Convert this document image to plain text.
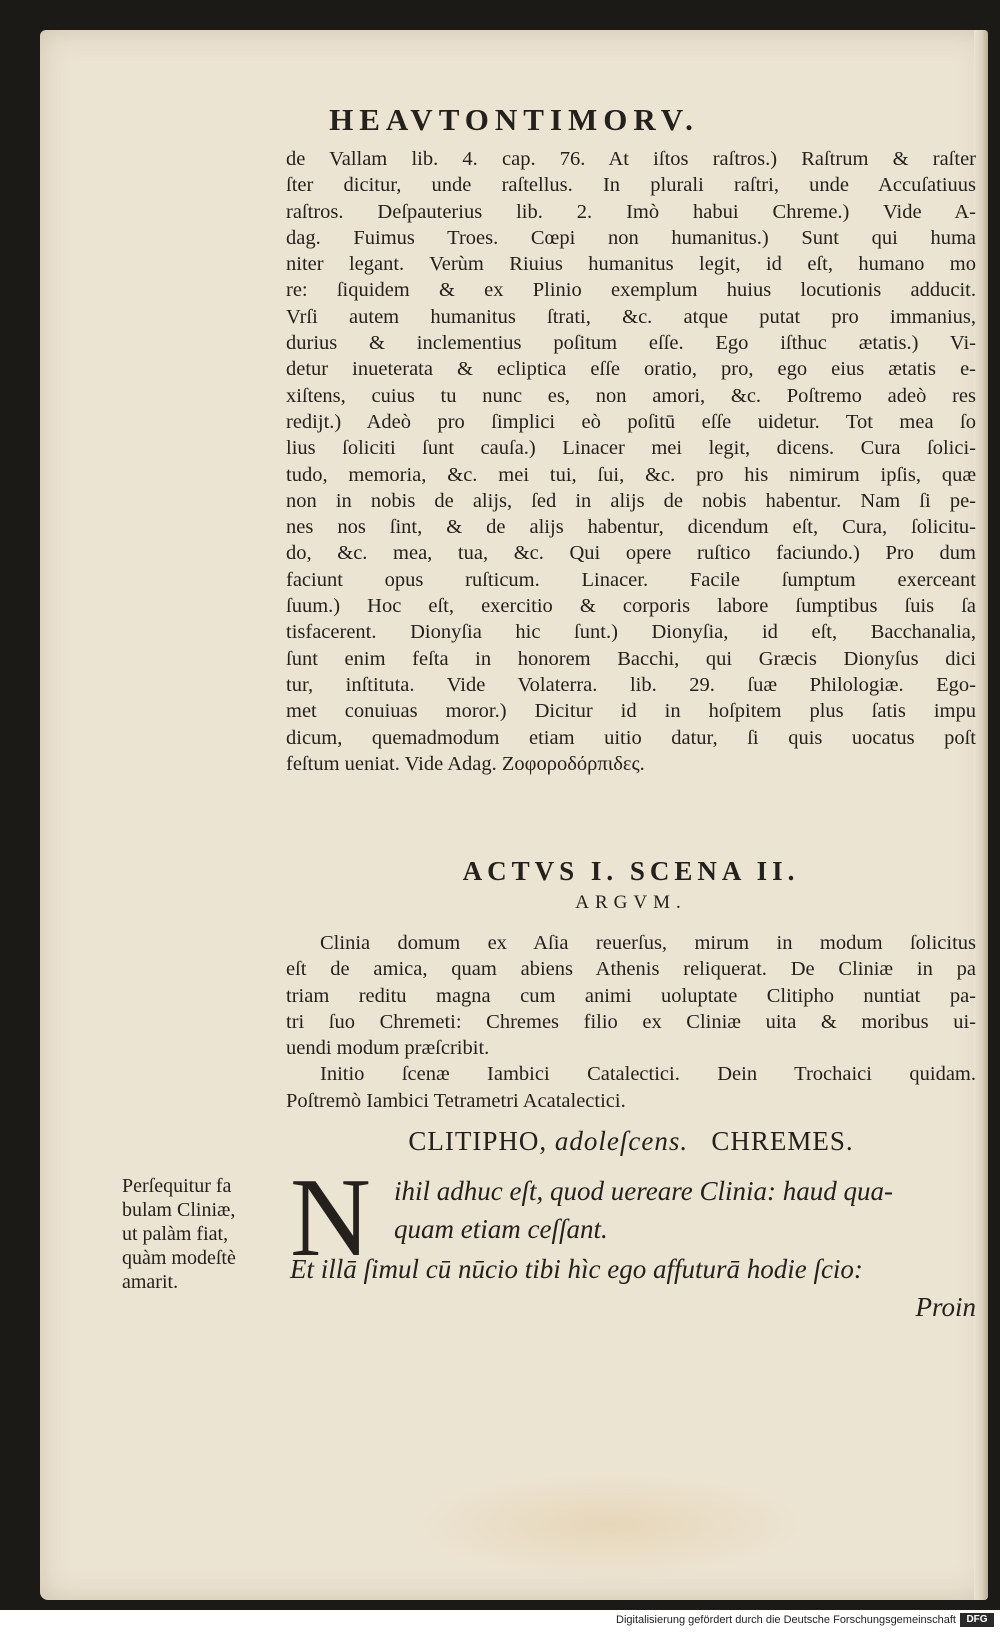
HEAVTONTIMORV.
de Vallam lib. 4. cap. 76. At iſtos raſtros.) Raſtrum & raſter
ſter dicitur, unde raſtellus. In plurali raſtri, unde Accuſatiuus
raſtros. Deſpauterius lib. 2. Imò habui Chreme.) Vide A-
dag. Fuimus Troes. Cœpi non humanitus.) Sunt qui huma
niter legant. Verùm Riuius humanitus legit, id eſt, humano mo
re: ſiquidem & ex Plinio exemplum huius locutionis adducit.
Vrſi autem humanitus ſtrati, &c. atque putat pro immanius,
durius & inclementius poſitum eſſe. Ego iſthuc ætatis.) Vi-
detur inueterata & ecliptica eſſe oratio, pro, ego eius ætatis e-
xiſtens, cuius tu nunc es, non amori, &c. Poſtremo adeò res
redijt.) Adeò pro ſimplici eò poſitū eſſe uidetur. Tot mea ſo
lius ſoliciti ſunt cauſa.) Linacer mei legit, dicens. Cura ſolici-
tudo, memoria, &c. mei tui, ſui, &c. pro his nimirum ipſis, quæ
non in nobis de alijs, ſed in alijs de nobis habentur. Nam ſi pe-
nes nos ſint, & de alijs habentur, dicendum eſt, Cura, ſolicitu-
do, &c. mea, tua, &c. Qui opere ruſtico faciundo.) Pro dum
faciunt opus ruſticum. Linacer. Facile ſumptum exerceant
ſuum.) Hoc eſt, exercitio & corporis labore ſumptibus ſuis ſa
tisfacerent. Dionyſia hic ſunt.) Dionyſia, id eſt, Bacchanalia,
ſunt enim feſta in honorem Bacchi, qui Græcis Dionyſus dici
tur, inſtituta. Vide Volaterra. lib. 29. ſuæ Philologiæ. Ego-
met conuiuas moror.) Dicitur id in hoſpitem plus ſatis impu
dicum, quemadmodum etiam uitio datur, ſi quis uocatus poſt
feſtum ueniat. Vide Adag. Ζοφοροδόρπιδες.
ACTVS I. SCENA II.
ARGVM.
Clinia domum ex Aſia reuerſus, mirum in modum ſolicitus
eſt de amica, quam abiens Athenis reliquerat. De Cliniæ in pa
triam reditu magna cum animi uoluptate Clitipho nuntiat pa-
tri ſuo Chremeti: Chremes filio ex Cliniæ uita & moribus ui-
uendi modum præſcribit.
Initio ſcenæ Iambici Catalectici. Dein Trochaici quidam.
Poſtremò Iambici Tetrametri Acatalectici.
CLITIPHO, adoleſcens. CHREMES.
Perſequitur fa
bulam Cliniæ,
ut palàm fiat,
quàm modeſtè
amarit.
N ihil adhuc eſt, quod uereare Clinia: haud qua-
quam etiam ceſſant.
Et illā ſimul cū nūcio tibi hìc ego affuturā hodie ſcio:
Proin
Digitalisierung gefördert durch die Deutsche Forschungsgemeinschaft	DFG
